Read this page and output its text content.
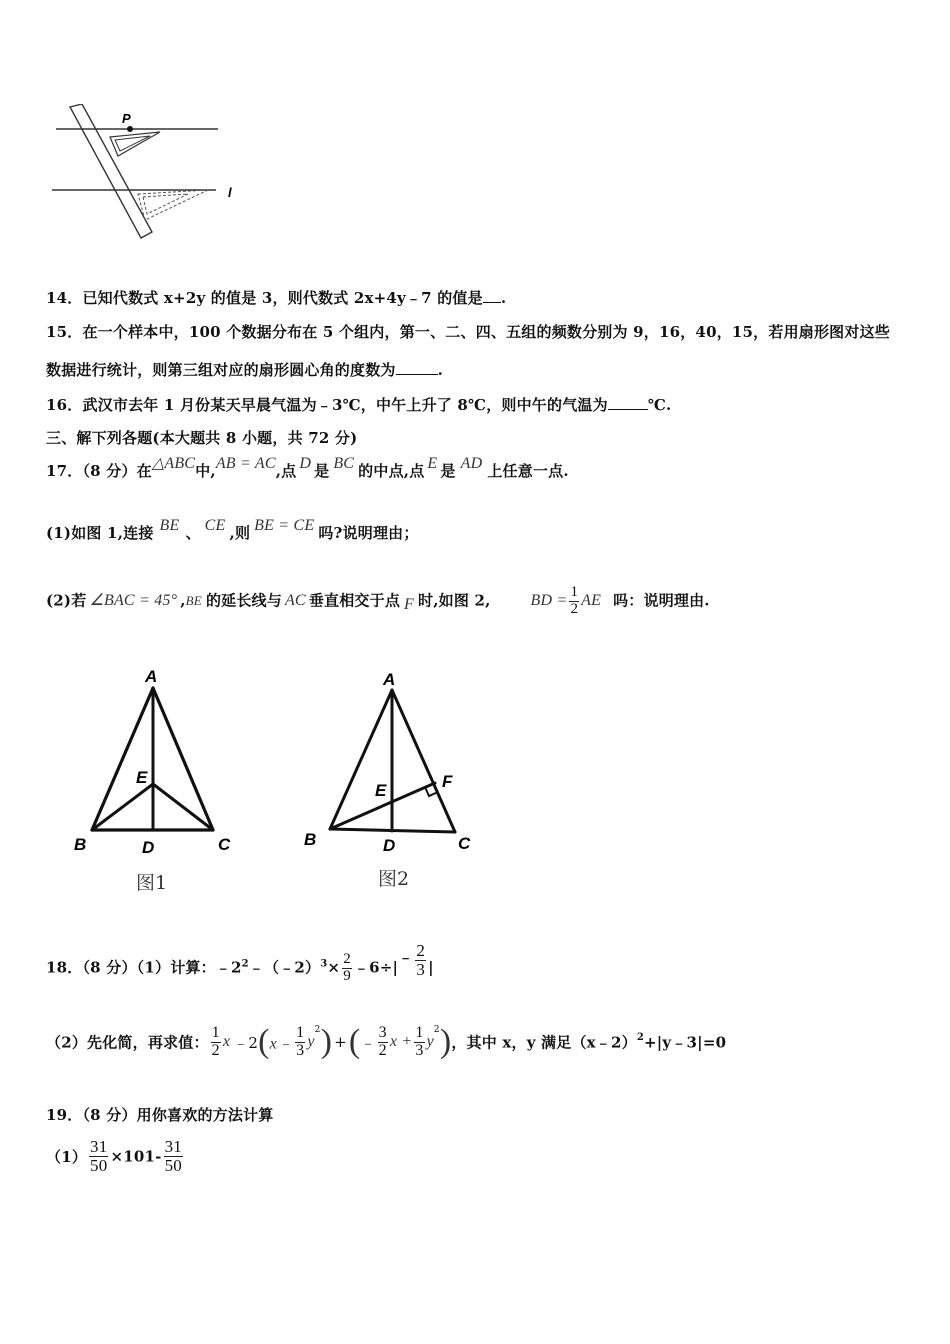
P
l
14．已知代数式 x+2y 的值是 3，则代数式 2x+4y﹣7 的值是 .
15．在一个样本中，100 个数据分布在 5 个组内，第一、二、四、五组的频数分别为 9，16，40，15，若用扇形图对这些
数据进行统计，则第三组对应的扇形圆心角的度数为	.
16．武汉市去年 1 月份某天早晨气温为﹣3℃，中午上升了 8℃，则中午的气温为	℃.
三、解下列各题(本大题共 8 小题，共 72 分)
17．（8 分）在△ABC中,AB = AC,点 D 是 BC 的中点,点 E 是 AD 上任意一点.
(1)如图 1,连接 BE 、 CE ,则 BE = CE 吗?说明理由；
(2)若 ∠BAC = 45° ,BE 的延长线与 AC 垂直相交于点 F 时,如图 2,	BD = $\frac{1}{2}$ AE 吗：说明理由.
A
E
B	D	C
图1
A
E	F
B	D	C
图2
18．（8 分）（1）计算：$﹣2^2﹣(﹣2)^3\times \frac{2}{9}$ ﹣6÷|﹣ $\frac{2}{3}$ |
（2）先化简，再求值： $\frac{1}{2}$ x ﹣2(x﹣ $\frac{1}{3} y^2$) +(﹣ $\frac{3}{2}$ $x + \frac{1}{3} y^2$)，其中 x，y 满足（x﹣2）$^2$+|y﹣3|=0
19．（8 分）用你喜欢的方法计算
$(1) \frac{31}{50} \times 101- \frac{31}{50}$
